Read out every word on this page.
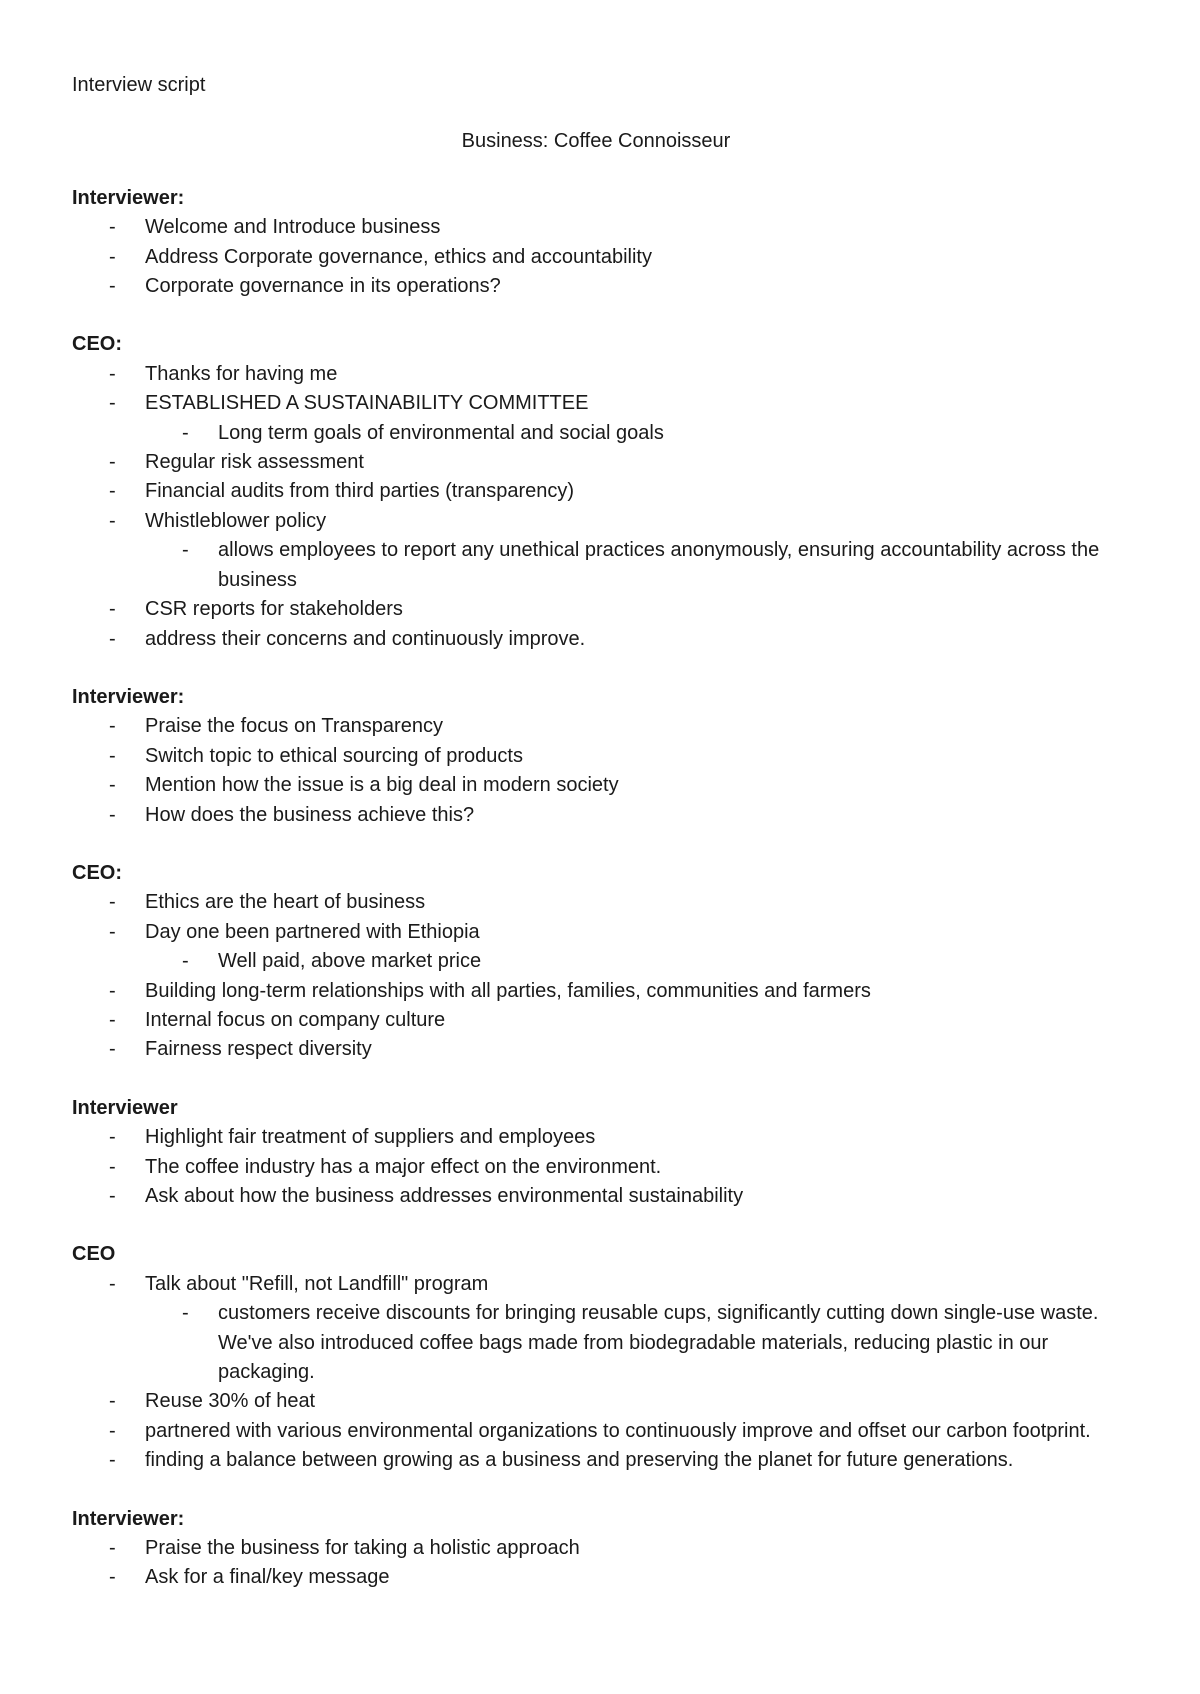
Interview script

Business: Coffee Connoisseur

Interviewer:
- Welcome and Introduce business
- Address Corporate governance, ethics and accountability
- Corporate governance in its operations?
CEO:
- Thanks for having me
- ESTABLISHED A SUSTAINABILITY COMMITTEE
- Long term goals of environmental and social goals
- Regular risk assessment
- Financial audits from third parties (transparency)
- Whistleblower policy
- allows employees to report any unethical practices anonymously, ensuring accountability across the business
- CSR reports for stakeholders
- address their concerns and continuously improve.
Interviewer:
- Praise the focus on Transparency
- Switch topic to ethical sourcing of products
- Mention how the issue is a big deal in modern society
- How does the business achieve this?
CEO:
- Ethics are the heart of business
- Day one been partnered with Ethiopia
- Well paid, above market price
- Building long-term relationships with all parties, families, communities and farmers
- Internal focus on company culture
- Fairness respect diversity
Interviewer
- Highlight fair treatment of suppliers and employees
- The coffee industry has a major effect on the environment.
- Ask about how the business addresses environmental sustainability
CEO
- Talk about "Refill, not Landfill" program
- customers receive discounts for bringing reusable cups, significantly cutting down single-use waste. We've also introduced coffee bags made from biodegradable materials, reducing plastic in our packaging.
- Reuse 30% of heat
- partnered with various environmental organizations to continuously improve and offset our carbon footprint.
- finding a balance between growing as a business and preserving the planet for future generations.
Interviewer:
- Praise the business for taking a holistic approach
- Ask for a final/key message
